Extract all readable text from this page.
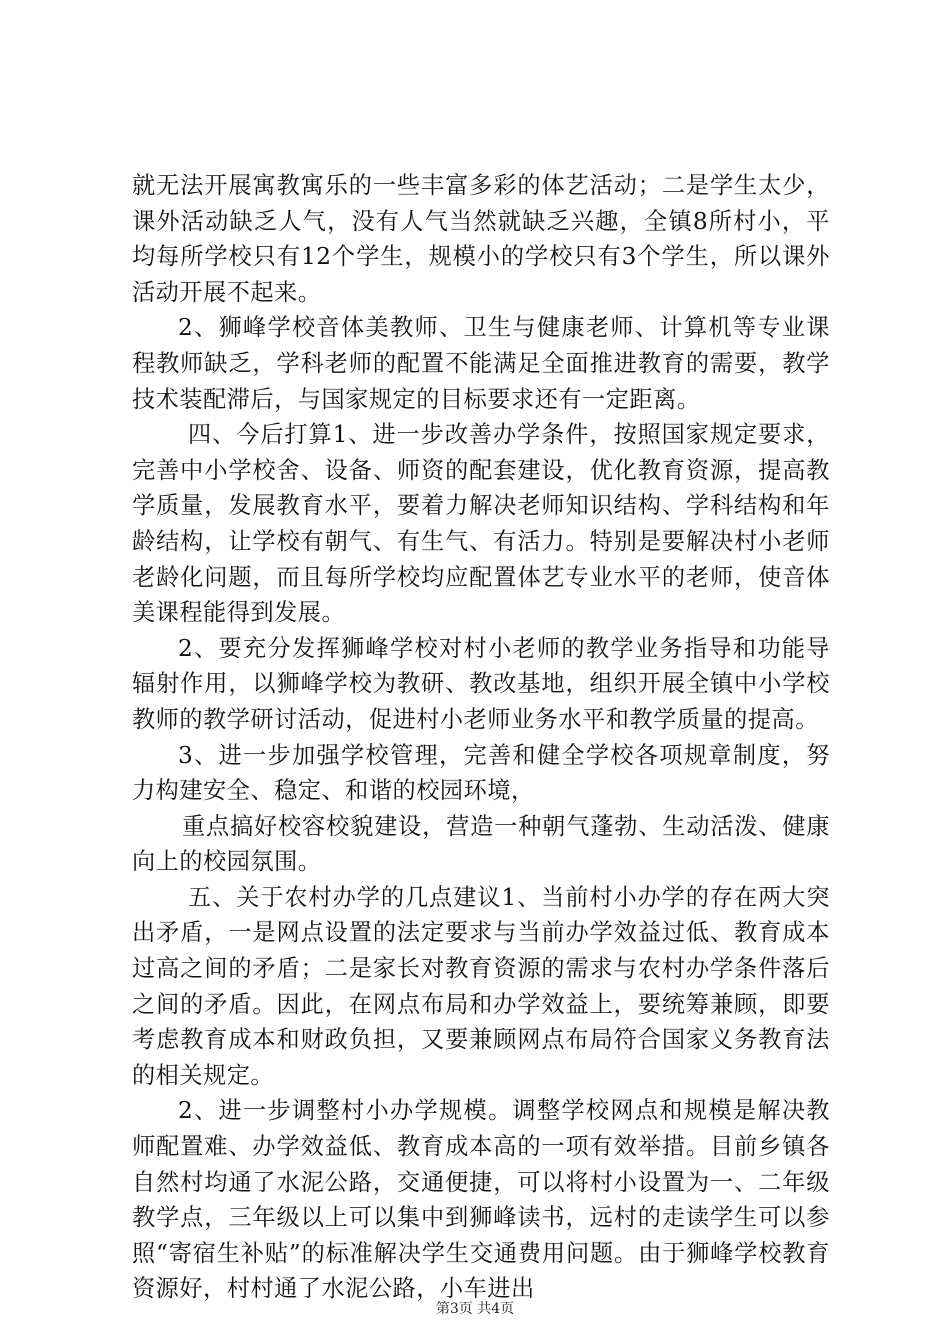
就无法开展寓教寓乐的一些丰富多彩的体艺活动；二是学生太少，课外活动缺乏人气，没有人气当然就缺乏兴趣，全镇8所村小，平均每所学校只有12个学生，规模小的学校只有3个学生，所以课外活动开展不起来。

2、狮峰学校音体美教师、卫生与健康老师、计算机等专业课程教师缺乏，学科老师的配置不能满足全面推进教育的需要，教学技术装配滞后，与国家规定的目标要求还有一定距离。

四、今后打算1、进一步改善办学条件，按照国家规定要求，完善中小学校舍、设备、师资的配套建设，优化教育资源，提高教学质量，发展教育水平，要着力解决老师知识结构、学科结构和年龄结构，让学校有朝气、有生气、有活力。特别是要解决村小老师老龄化问题，而且每所学校均应配置体艺专业水平的老师，使音体美课程能得到发展。

2、要充分发挥狮峰学校对村小老师的教学业务指导和功能导辐射作用，以狮峰学校为教研、教改基地，组织开展全镇中小学校教师的教学研讨活动，促进村小老师业务水平和教学质量的提高。

3、进一步加强学校管理，完善和健全学校各项规章制度，努力构建安全、稳定、和谐的校园环境，

重点搞好校容校貌建设，营造一种朝气蓬勃、生动活泼、健康向上的校园氛围。

五、关于农村办学的几点建议1、当前村小办学的存在两大突出矛盾，一是网点设置的法定要求与当前办学效益过低、教育成本过高之间的矛盾；二是家长对教育资源的需求与农村办学条件落后之间的矛盾。因此，在网点布局和办学效益上，要统筹兼顾，即要考虑教育成本和财政负担，又要兼顾网点布局符合国家义务教育法的相关规定。

2、进一步调整村小办学规模。调整学校网点和规模是解决教师配置难、办学效益低、教育成本高的一项有效举措。目前乡镇各自然村均通了水泥公路，交通便捷，可以将村小设置为一、二年级教学点，三年级以上可以集中到狮峰读书，远村的走读学生可以参照“寄宿生补贴”的标准解决学生交通费用问题。由于狮峰学校教育资源好，村村通了水泥公路，小车进出

第3页 共4页
